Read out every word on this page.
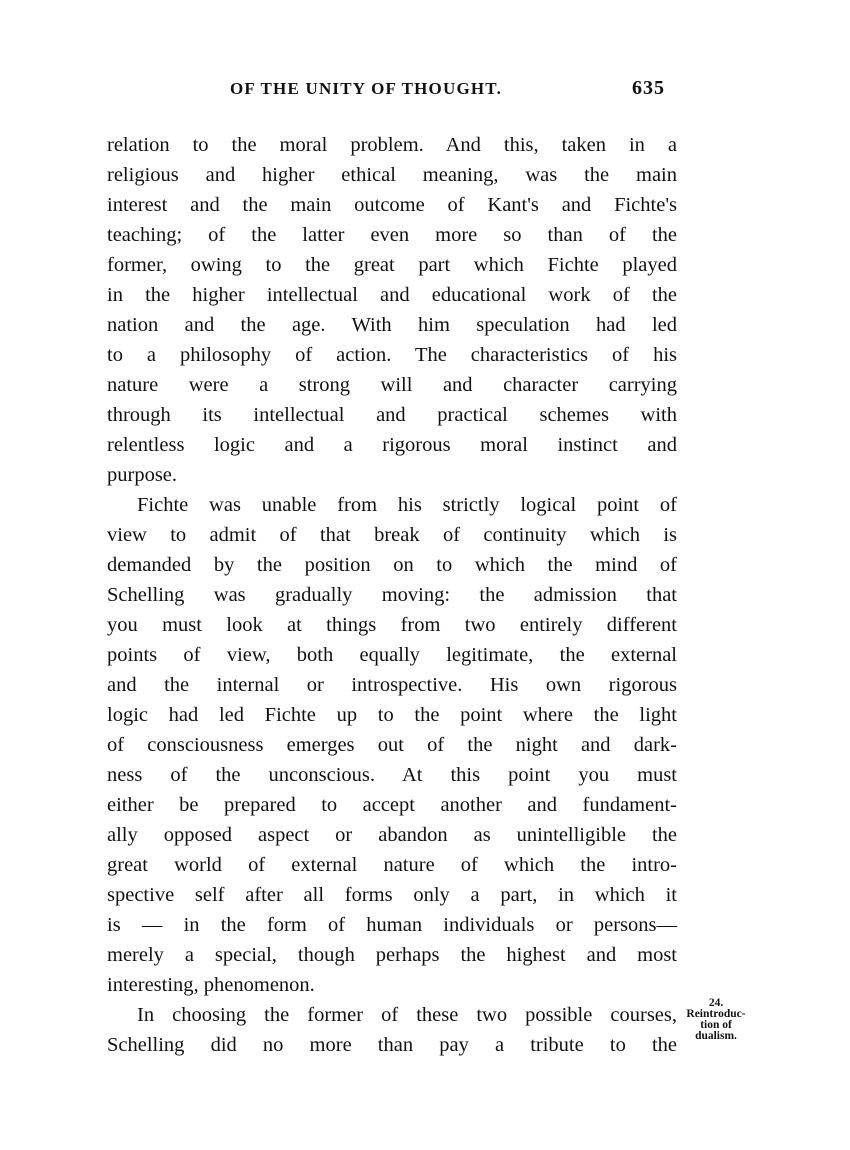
OF THE UNITY OF THOUGHT.	635
relation to the moral problem. And this, taken in a
religious and higher ethical meaning, was the main
interest and the main outcome of Kant's and Fichte's
teaching; of the latter even more so than of the
former, owing to the great part which Fichte played
in the higher intellectual and educational work of the
nation and the age. With him speculation had led
to a philosophy of action. The characteristics of his
nature were a strong will and character carrying
through its intellectual and practical schemes with
relentless logic and a rigorous moral instinct and
purpose.
Fichte was unable from his strictly logical point of
view to admit of that break of continuity which is
demanded by the position on to which the mind of
Schelling was gradually moving: the admission that
you must look at things from two entirely different
points of view, both equally legitimate, the external
and the internal or introspective. His own rigorous
logic had led Fichte up to the point where the light
of consciousness emerges out of the night and dark-
ness of the unconscious. At this point you must
either be prepared to accept another and fundament-
ally opposed aspect or abandon as unintelligible the
great world of external nature of which the intro-
spective self after all forms only a part, in which it
is — in the form of human individuals or persons—
merely a special, though perhaps the highest and most
interesting, phenomenon.
In choosing the former of these two possible courses,
Schelling did no more than pay a tribute to the
24.
Reintroduc-
tion of
dualism.
